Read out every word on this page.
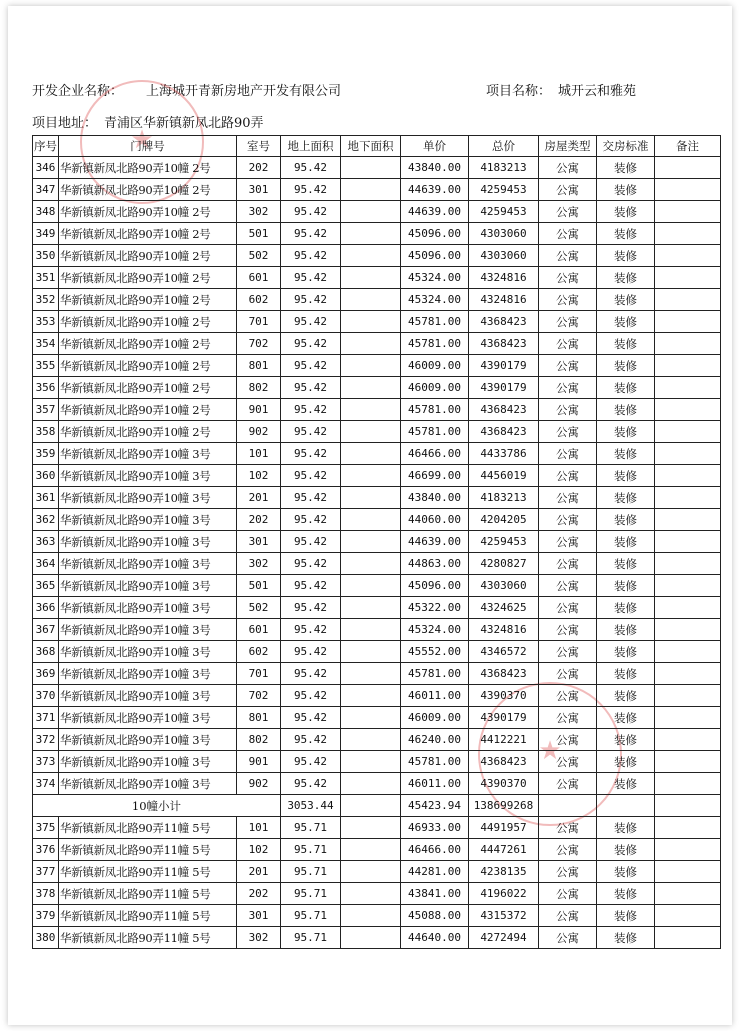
开发企业名称： 上海城开青新房地产开发有限公司	项目名称： 城开云和雅苑
项目地址： 青浦区华新镇新凤北路90弄
★
★
序号	门牌号	室号	地上面积	地下面积	单价	总价	房屋类型	交房标准	备注
346	华新镇新凤北路90弄10幢 2号	202	95.42		43840.00	4183213	公寓	装修	
347	华新镇新凤北路90弄10幢 2号	301	95.42		44639.00	4259453	公寓	装修	
348	华新镇新凤北路90弄10幢 2号	302	95.42		44639.00	4259453	公寓	装修	
349	华新镇新凤北路90弄10幢 2号	501	95.42		45096.00	4303060	公寓	装修	
350	华新镇新凤北路90弄10幢 2号	502	95.42		45096.00	4303060	公寓	装修	
351	华新镇新凤北路90弄10幢 2号	601	95.42		45324.00	4324816	公寓	装修	
352	华新镇新凤北路90弄10幢 2号	602	95.42		45324.00	4324816	公寓	装修	
353	华新镇新凤北路90弄10幢 2号	701	95.42		45781.00	4368423	公寓	装修	
354	华新镇新凤北路90弄10幢 2号	702	95.42		45781.00	4368423	公寓	装修	
355	华新镇新凤北路90弄10幢 2号	801	95.42		46009.00	4390179	公寓	装修	
356	华新镇新凤北路90弄10幢 2号	802	95.42		46009.00	4390179	公寓	装修	
357	华新镇新凤北路90弄10幢 2号	901	95.42		45781.00	4368423	公寓	装修	
358	华新镇新凤北路90弄10幢 2号	902	95.42		45781.00	4368423	公寓	装修	
359	华新镇新凤北路90弄10幢 3号	101	95.42		46466.00	4433786	公寓	装修	
360	华新镇新凤北路90弄10幢 3号	102	95.42		46699.00	4456019	公寓	装修	
361	华新镇新凤北路90弄10幢 3号	201	95.42		43840.00	4183213	公寓	装修	
362	华新镇新凤北路90弄10幢 3号	202	95.42		44060.00	4204205	公寓	装修	
363	华新镇新凤北路90弄10幢 3号	301	95.42		44639.00	4259453	公寓	装修	
364	华新镇新凤北路90弄10幢 3号	302	95.42		44863.00	4280827	公寓	装修	
365	华新镇新凤北路90弄10幢 3号	501	95.42		45096.00	4303060	公寓	装修	
366	华新镇新凤北路90弄10幢 3号	502	95.42		45322.00	4324625	公寓	装修	
367	华新镇新凤北路90弄10幢 3号	601	95.42		45324.00	4324816	公寓	装修	
368	华新镇新凤北路90弄10幢 3号	602	95.42		45552.00	4346572	公寓	装修	
369	华新镇新凤北路90弄10幢 3号	701	95.42		45781.00	4368423	公寓	装修	
370	华新镇新凤北路90弄10幢 3号	702	95.42		46011.00	4390370	公寓	装修	
371	华新镇新凤北路90弄10幢 3号	801	95.42		46009.00	4390179	公寓	装修	
372	华新镇新凤北路90弄10幢 3号	802	95.42		46240.00	4412221	公寓	装修	
373	华新镇新凤北路90弄10幢 3号	901	95.42		45781.00	4368423	公寓	装修	
374	华新镇新凤北路90弄10幢 3号	902	95.42		46011.00	4390370	公寓	装修	
10幢小计			3053.44		45423.94	138699268			
375	华新镇新凤北路90弄11幢 5号	101	95.71		46933.00	4491957	公寓	装修	
376	华新镇新凤北路90弄11幢 5号	102	95.71		46466.00	4447261	公寓	装修	
377	华新镇新凤北路90弄11幢 5号	201	95.71		44281.00	4238135	公寓	装修	
378	华新镇新凤北路90弄11幢 5号	202	95.71		43841.00	4196022	公寓	装修	
379	华新镇新凤北路90弄11幢 5号	301	95.71		45088.00	4315372	公寓	装修	
380	华新镇新凤北路90弄11幢 5号	302	95.71		44640.00	4272494	公寓	装修	
